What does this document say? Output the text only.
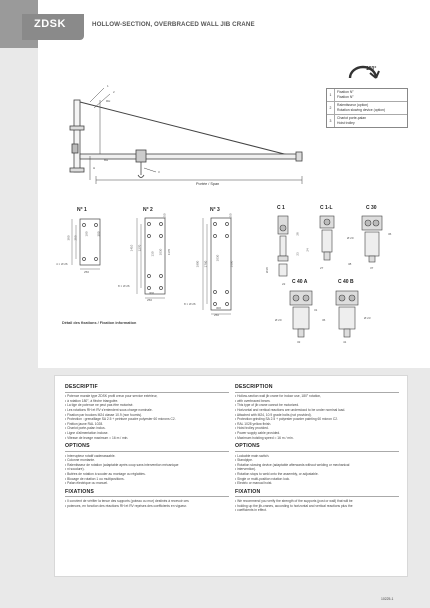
ZDSK	HOLLOW-SECTION, OVERBRACED WALL JIB CRANE
180°
1
Fixation N°
Fixation N°
2
Ralentisseur (option)
Rotation slowing device (option)
3
Chariot porte-palan
Hoist trolley
1
2
RH
BH
H
3
Portée / Span
N° 1
380 250
190	300
250
4 × Ø 26
N° 2
150
1410 1270
130 1030 1170
300
250
8 × Ø 26
N° 3
150
1900 1760
1030
1690
300
250
8 × Ø 26
C 1
28
23
Ø18
22
C 1-L
24
27
C 30
36
Ø 20
38
37
C 40 A
Ø 20
31
36
32
C 40 B
Ø 23
41
Détail des fixations / Fixation information
DESCRIPTIF
• Potence murale type ZDSK profil creux pour service extérieur,
• à rotation 180°, à flèche triangulée.
• La tige de potence ne peut pas être motorisé.
• Les rotations RH et RV s'entendent sous charge nominale.
• Fixation par boulons M24 classe 10.9 (non fournis).
• Protection : grenaillage SA 2.5 + peinture poudre polyester 60 microns C2.
• Finition jaune RAL 1028.
• Chariot porte-palan inclus.
• Ligne d'alimentation incluse.
• Vitesse de levage maximum = 16 m / min.
OPTIONS
• Interrupteur rotatif cadenassable.
• Colonne montante.
• Ralentisseur de rotation (adaptable après coup sans intervention mécanique
• ni soudure).
• Butées de rotation à souder au montage ou réglables.
• Blocage de rotation 1 ou multipositions.
• Palan électrique ou manuel.
FIXATIONS
• Il convient de vérifier la tenue des supports (poteau ou mur) destinés à recevoir ces
• potences, en fonction des réactions RH et RV reprises des coefficients en vigueur.
DESCRIPTION
• Hollow-section wall jib crane for indoor use, 180° rotation,
• with overbraced beam.
• This type of jib crane cannot be motorized.
• Horizontal and vertical reactions are understood to be under nominal load.
• Attached with M24, 10.9 grade bolts (not provided).
• Protection:grinding SA 2.5 + polyester powder painting 60 micron C2.
• RAL 1028 yellow finish.
• Hoist trolley provided.
• Power supply cable provided.
• Maximum hoisting speed = 16 m / min.
OPTIONS
• Lockable main switch.
• Standpipe.
• Rotation slowing device (adaptable afterwards without welding or mechanical
• intervention).
• Rotation stops to weld onto the assembly, or adjustable.
• Single or multi-position rotation lock.
• Electric or manual hoist.
FIXATION
• We recommend you verify the strength of the supports (post or wall) that will be
• holding up the jib-cranes, according to horizontal and vertical reactions plus the
• coefficients in effect.
10225-1
